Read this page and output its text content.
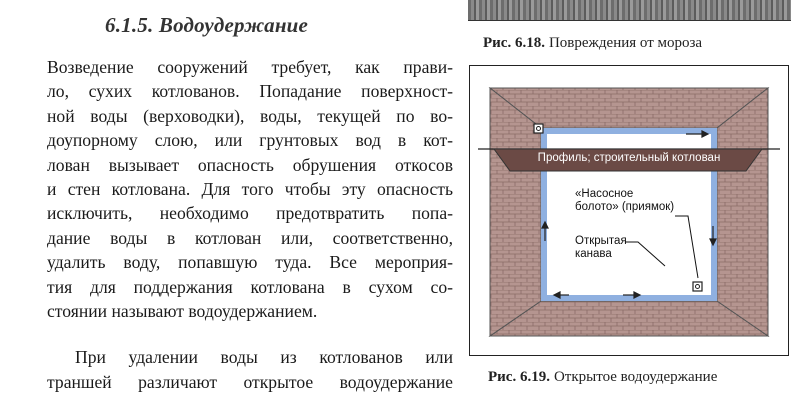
6.1.5. Водоудержание
Возведение сооружений требует, как прави-
ло, сухих котлованов. Попадание поверхност-
ной воды (верховодки), воды, текущей по во-
доупорному слою, или грунтовых вод в кот-
лован вызывает опасность обрушения откосов
и стен котлована. Для того чтобы эту опасность
исключить, необходимо предотвратить попа-
дание воды в котлован или, соответственно,
удалить воду, попавшую туда. Все мероприя-
тия для поддержания котлована в сухом со-
стоянии называют водоудержанием.
При удалении воды из котлованов или
траншей различают открытое водоудержание
Рис. 6.18. Повреждения от мороза
Профиль; строительный котлован
«Насосное
болото» (приямок)
Открытая
канава
Рис. 6.19. Открытое водоудержание
